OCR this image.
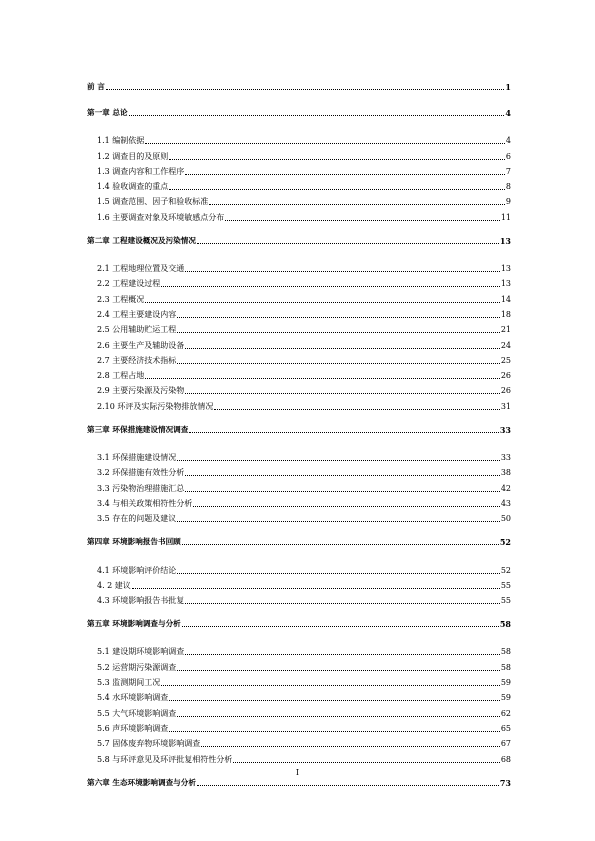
前 言	1
第一章 总论	4
1.1 编制依据	4
1.2 调查目的及原则	6
1.3 调查内容和工作程序	7
1.4 验收调查的重点	8
1.5 调查范围、因子和验收标准	9
1.6 主要调查对象及环境敏感点分布	11
第二章 工程建设概况及污染情况	13
2.1 工程地理位置及交通	13
2.2 工程建设过程	13
2.3 工程概况	14
2.4 工程主要建设内容	18
2.5 公用辅助贮运工程	21
2.6 主要生产及辅助设备	24
2.7 主要经济技术指标	25
2.8 工程占地	26
2.9 主要污染源及污染物	26
2.10 环评及实际污染物排放情况	31
第三章 环保措施建设情况调查	33
3.1 环保措施建设情况	33
3.2 环保措施有效性分析	38
3.3 污染物治理措施汇总	42
3.4 与相关政策相符性分析	43
3.5 存在的问题及建议	50
第四章 环境影响报告书回顾	52
4.1 环境影响评价结论	52
4. 2 建议	55
4.3 环境影响报告书批复	55
第五章 环境影响调查与分析	58
5.1 建设期环境影响调查	58
5.2 运营期污染源调查	58
5.3 监测期间工况	59
5.4 水环境影响调查	59
5.5 大气环境影响调查	62
5.6 声环境影响调查	65
5.7 固体废弃物环境影响调查	67
5.8 与环评意见及环评批复相符性分析	68
第六章 生态环境影响调查与分析	73
I
